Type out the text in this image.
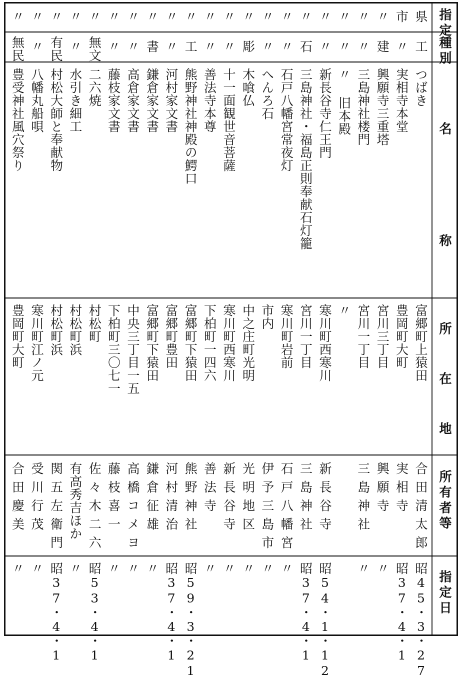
指定
種別
名
称
所
在
地
所有者等
指定日
県
工
つばき
富郷町上猿田
合田清太郎
昭45・3・27
市
〃
実相寺本堂
豊岡町大町
実相寺
昭37・4・1
〃
建
興願寺三重塔
宮川三丁目
興願寺
〃
〃
〃
三島神社楼門
宮川一丁目
三島神社
〃
〃
〃
〃 旧本殿
〃
〃
〃
新長谷寺仁王門
寒川町西寒川
新長谷寺
昭54・1・12
〃
石
三島神社・福島正則奉献石灯籠
宮川一丁目
三島神社
昭37・4・1
〃
〃
石戸八幡宮常夜灯
寒川町岩前
石戸八幡宮
〃
〃
〃
へんろ石
市内
伊予三島市
〃
〃
彫
木喰仏
中之庄町光明
光明地区
〃
〃
〃
十一面観世音菩薩
寒川町西寒川
新長谷寺
〃
〃
〃
善法寺本尊
下柏町一四六
善法寺
〃
〃
工
熊野神社神殿の鰐口
富郷町下猿田
熊野神社
昭59・3・21
〃
〃
河村家文書
富郷町豊田
河村清治
昭37・4・1
〃
書
鎌倉家文書
富郷町下猿田
鎌倉征雄
〃
〃
〃
高倉家文書
中央三丁目一五
高橋コメヨ
〃
〃
〃
藤枝家文書
下柏町三〇七一
藤枝喜一
〃
〃
無文
二六焼
村松町
佐々木二六
昭53・4・1
〃
〃
水引き細工
村松町浜
有高秀吉ほか
〃
〃
有民
村松大師と奉献物
村松町浜
関五左衛門
昭37・4・1
〃
〃
八幡丸船唄
寒川町江ノ元
受川行茂
〃
〃
無民
豊受神社風穴祭り
豊岡町大町
合田慶美
〃
